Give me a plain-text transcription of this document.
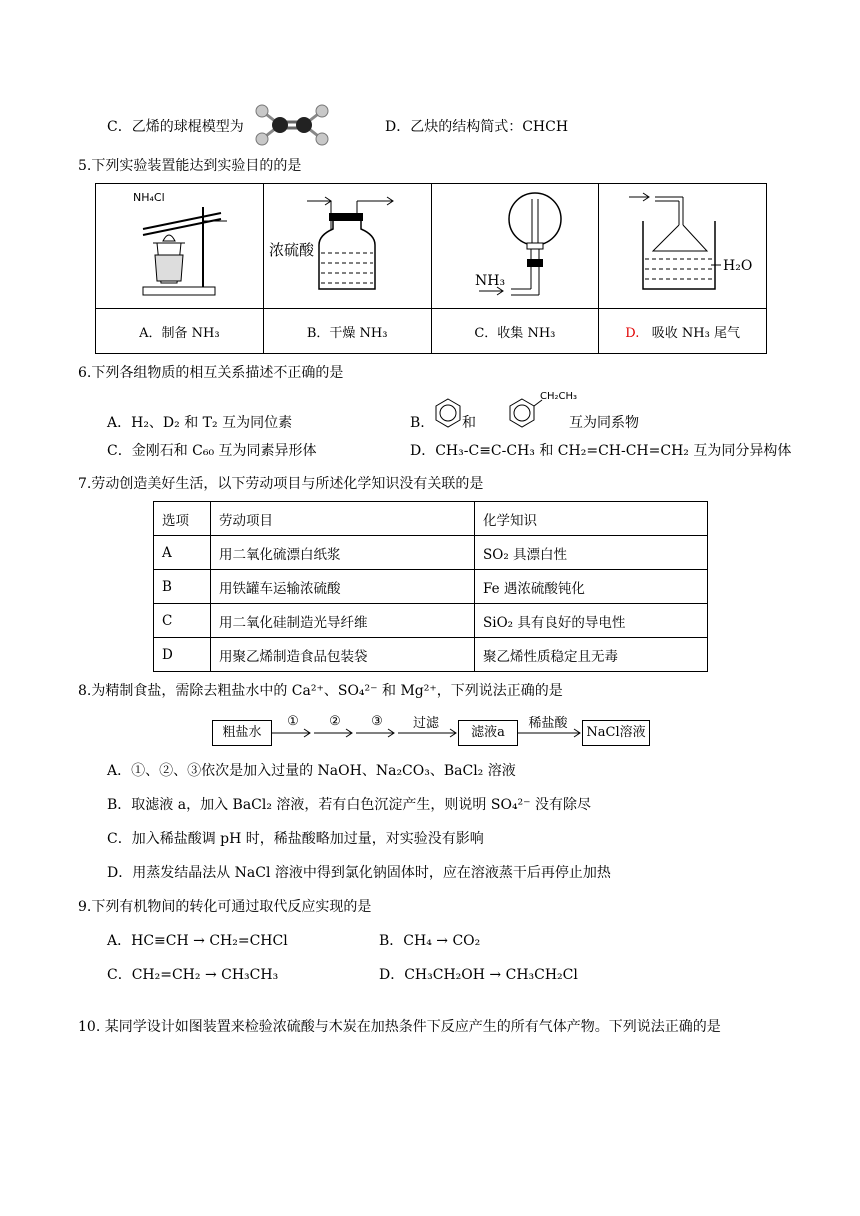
C．乙烯的球棍模型为	D．乙炔的结构简式：CHCH
5.下列实验装置能达到实验目的的是
NH₄Cl	浓硫酸	NH₃	H₂O

A．制备 NH₃	B．干燥 NH₃	C．收集 NH₃	D. 吸收 NH₃ 尾气
6.下列各组物质的相互关系描述不正确的是
A．H₂、D₂ 和 T₂ 互为同位素	B.
CH₂CH₃
和	互为同系物
C．金刚石和 C₆₀ 互为同素异形体	D．CH₃-C≡C-CH₃ 和 CH₂=CH-CH=CH₂ 互为同分异构体
7.劳动创造美好生活，以下劳动项目与所述化学知识没有关联的是
选项	劳动项目	化学知识
A	用二氧化硫漂白纸浆	SO₂ 具漂白性
B	用铁罐车运输浓硫酸	Fe 遇浓硫酸钝化
C	用二氧化硅制造光导纤维	SiO₂ 具有良好的导电性
D	用聚乙烯制造食品包装袋	聚乙烯性质稳定且无毒
8.为精制食盐，需除去粗盐水中的 Ca²⁺、SO₄²⁻ 和 Mg²⁺，下列说法正确的是
粗盐水
①	②	③	过滤
滤液a
稀盐酸
NaCl溶液
A．①、②、③依次是加入过量的 NaOH、Na₂CO₃、BaCl₂ 溶液
B．取滤液 a，加入 BaCl₂ 溶液，若有白色沉淀产生，则说明 SO₄²⁻ 没有除尽
C．加入稀盐酸调 pH 时，稀盐酸略加过量，对实验没有影响
D．用蒸发结晶法从 NaCl 溶液中得到氯化钠固体时，应在溶液蒸干后再停止加热
9.下列有机物间的转化可通过取代反应实现的是
A．HC≡CH → CH₂=CHCl	B．CH₄ → CO₂
C．CH₂=CH₂ → CH₃CH₃	D．CH₃CH₂OH → CH₃CH₂Cl
10. 某同学设计如图装置来检验浓硫酸与木炭在加热条件下反应产生的所有气体产物。下列说法正确的是
